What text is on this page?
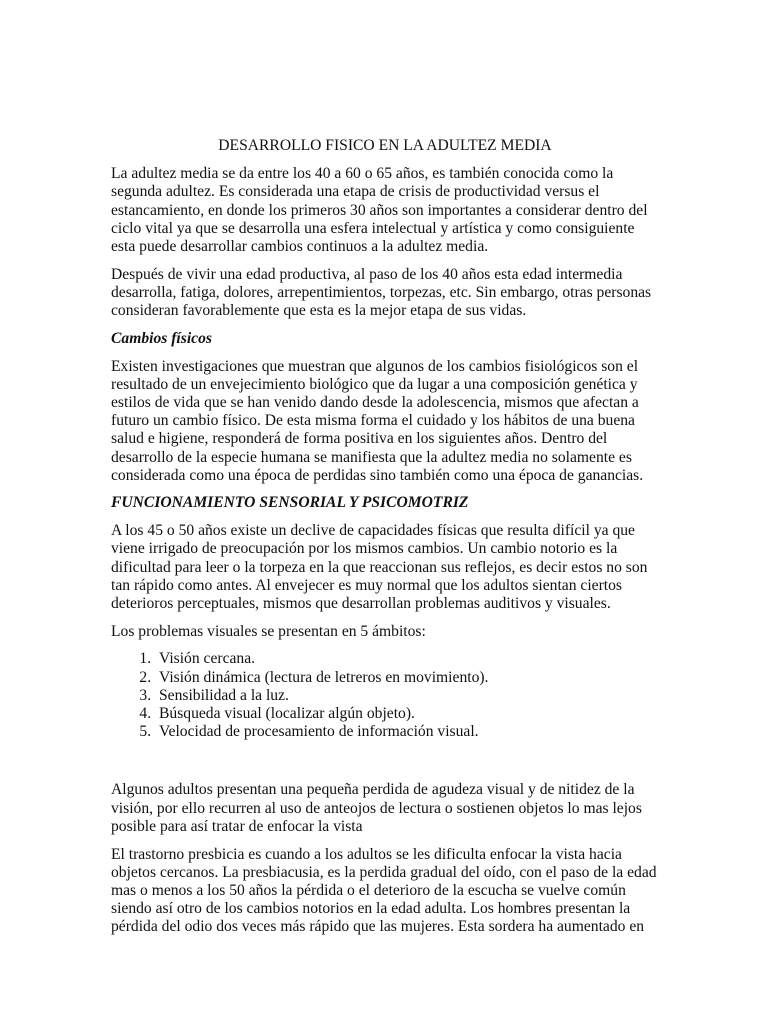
DESARROLLO FISICO EN LA ADULTEZ MEDIA

La adultez media se da entre los 40 a 60 o 65 años, es también conocida como la segunda adultez. Es considerada una etapa de crisis de productividad versus el estancamiento, en donde los primeros 30 años son importantes a considerar dentro del ciclo vital ya que se desarrolla una esfera intelectual y artística y como consiguiente esta puede desarrollar cambios continuos a la adultez media.

Después de vivir una edad productiva, al paso de los 40 años esta edad intermedia desarrolla, fatiga, dolores, arrepentimientos, torpezas, etc. Sin embargo, otras personas consideran favorablemente que esta es la mejor etapa de sus vidas.

Cambios físicos

Existen investigaciones que muestran que algunos de los cambios fisiológicos son el resultado de un envejecimiento biológico que da lugar a una composición genética y estilos de vida que se han venido dando desde la adolescencia, mismos que afectan a futuro un cambio físico. De esta misma forma el cuidado y los hábitos de una buena salud e higiene, responderá de forma positiva en los siguientes años. Dentro del desarrollo de la especie humana se manifiesta que la adultez media no solamente es considerada como una época de perdidas sino también como una época de ganancias.

FUNCIONAMIENTO SENSORIAL Y PSICOMOTRIZ

A los 45 o 50 años existe un declive de capacidades físicas que resulta difícil ya que viene irrigado de preocupación por los mismos cambios. Un cambio notorio es la dificultad para leer o la torpeza en la que reaccionan sus reflejos, es decir estos no son tan rápido como antes. Al envejecer es muy normal que los adultos sientan ciertos deterioros perceptuales, mismos que desarrollan problemas auditivos y visuales.

Los problemas visuales se presentan en 5 ámbitos:

1. Visión cercana.
2. Visión dinámica (lectura de letreros en movimiento).
3. Sensibilidad a la luz.
4. Búsqueda visual (localizar algún objeto).
5. Velocidad de procesamiento de información visual.

Algunos adultos presentan una pequeña perdida de agudeza visual y de nitidez de la visión, por ello recurren al uso de anteojos de lectura o sostienen objetos lo mas lejos posible para así tratar de enfocar la vista

El trastorno presbicia es cuando a los adultos se les dificulta enfocar la vista hacia objetos cercanos. La presbiacusia, es la perdida gradual del oído, con el paso de la edad mas o menos a los 50 años la pérdida o el deterioro de la escucha se vuelve común siendo así otro de los cambios notorios en la edad adulta. Los hombres presentan la pérdida del odio dos veces más rápido que las mujeres. Esta sordera ha aumentado en
